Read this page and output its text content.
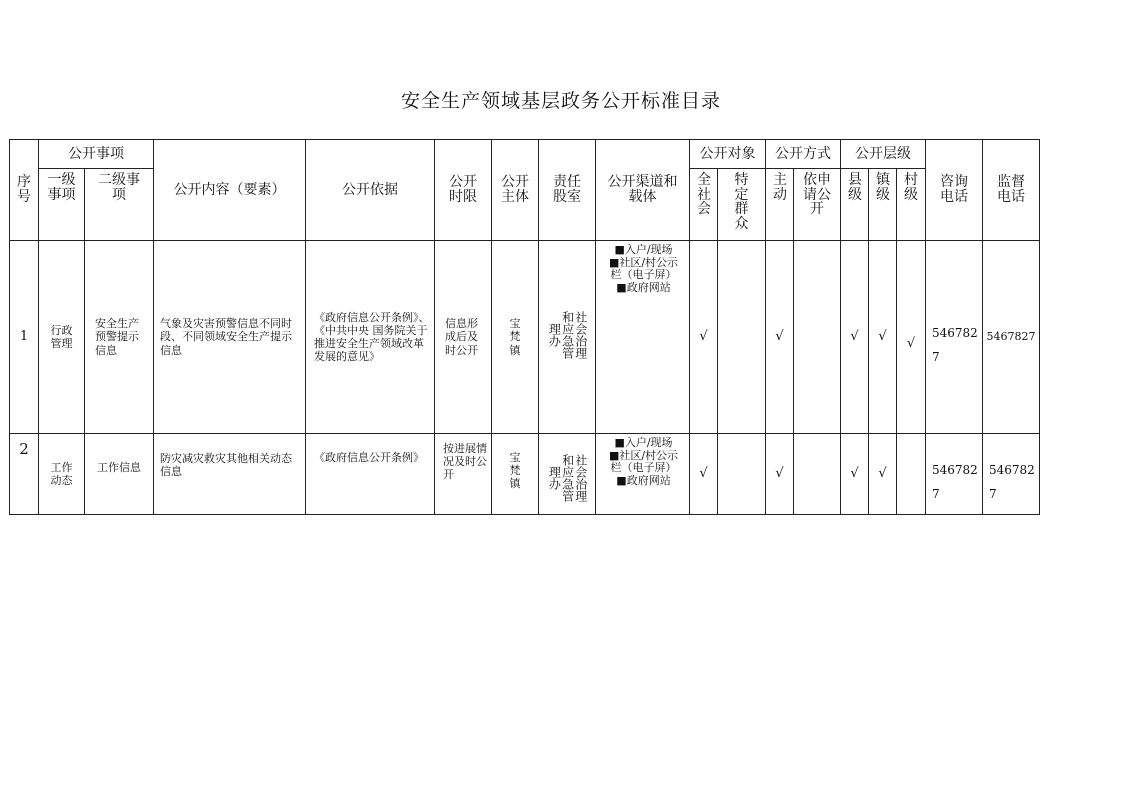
安全生产领域基层政务公开标准目录
序号	公开事项		公开内容（要素）	公开依据	公开时限	公开主体	责任股室	公开渠道和载体	公开对象		公开方式		公开层级			咨询电话	监督电话
	一级事项	二级事项							全社会	特定群众	主动	依申请公开	县级	镇级	村级		
1	行政管理	安全生产预警提示信息	气象及灾害预警信息不同时段、不同领域安全生产提示信息	《政府信息公开条例》、《中共中央 国务院关于推进安全生产领域改革发展的意见》	信息形成后及时公开	宝梵镇	社会治理和应急管理办	■入户/现场
■社区/村公示栏（电子屏）
■政府网站	√		√		√	√	√	5467827	5467827
2	工作动态	工作信息	防灾减灾救灾其他相关动态信息	《政府信息公开条例》	按进展情况及时公开	宝梵镇	社会治理和应急管理办	■入户/现场
■社区/村公示栏（电子屏）
■政府网站	√		√		√	√		5467827	5467827
